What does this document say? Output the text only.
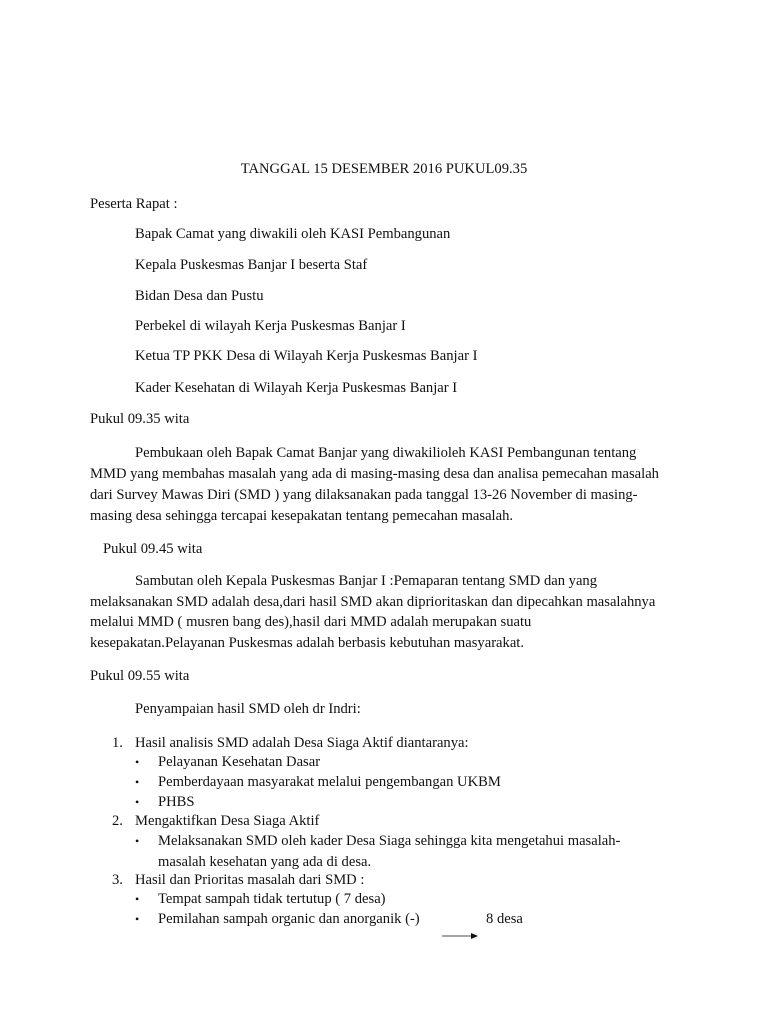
TANGGAL 15 DESEMBER 2016 PUKUL09.35
Peserta Rapat :
Bapak Camat yang diwakili oleh KASI Pembangunan
Kepala Puskesmas Banjar I beserta Staf
Bidan Desa dan Pustu
Perbekel di wilayah Kerja Puskesmas Banjar I
Ketua TP PKK Desa di Wilayah Kerja Puskesmas Banjar I
Kader Kesehatan di Wilayah Kerja Puskesmas Banjar I
Pukul 09.35 wita
Pembukaan oleh Bapak Camat Banjar yang diwakilioleh KASI Pembangunan tentang
MMD yang membahas masalah yang ada di masing-masing desa dan analisa pemecahan masalah
dari Survey Mawas Diri (SMD ) yang dilaksanakan pada tanggal 13-26 November di masing-
masing desa sehingga tercapai kesepakatan tentang pemecahan masalah.
Pukul 09.45 wita
Sambutan oleh Kepala Puskesmas Banjar I :Pemaparan tentang SMD dan yang
melaksanakan SMD adalah desa,dari hasil SMD akan diprioritaskan dan dipecahkan masalahnya
melalui MMD ( musren bang des),hasil dari MMD adalah merupakan suatu
kesepakatan.Pelayanan Puskesmas adalah berbasis kebutuhan masyarakat.
Pukul 09.55 wita
Penyampaian hasil SMD oleh dr Indri:
1. Hasil analisis SMD adalah Desa Siaga Aktif diantaranya:
• Pelayanan Kesehatan Dasar
• Pemberdayaan masyarakat melalui pengembangan UKBM
• PHBS
2. Mengaktifkan Desa Siaga Aktif
• Melaksanakan SMD oleh kader Desa Siaga sehingga kita mengetahui masalah-
masalah kesehatan yang ada di desa.
3. Hasil dan Prioritas masalah dari SMD :
• Tempat sampah tidak tertutup ( 7 desa)
• Pemilahan sampah organic dan anorganik (-)	8 desa
